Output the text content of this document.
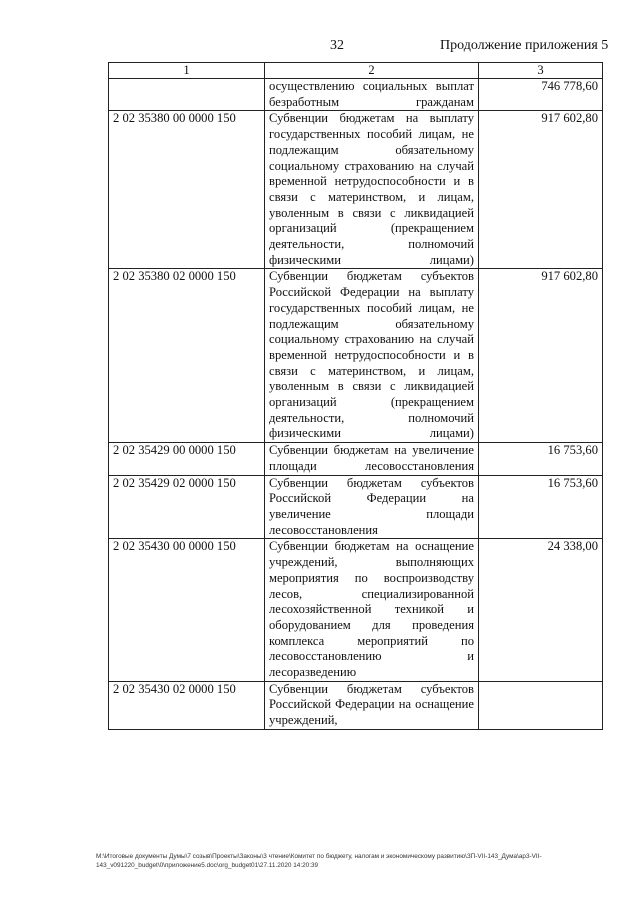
32	Продолжение приложения 5
1	2	3
	осуществлению социальных выплат безработным гражданам	746 778,60
2 02 35380 00 0000 150	Субвенции бюджетам на выплату государственных пособий лицам, не подлежащим обязательному социальному страхованию на случай временной нетрудоспособности и в связи с материнством, и лицам, уволенным в связи с ликвидацией организаций (прекращением деятельности, полномочий физическими лицами)	917 602,80
2 02 35380 02 0000 150	Субвенции бюджетам субъектов Российской Федерации на выплату государственных пособий лицам, не подлежащим обязательному социальному страхованию на случай временной нетрудоспособности и в связи с материнством, и лицам, уволенным в связи с ликвидацией организаций (прекращением деятельности, полномочий физическими лицами)	917 602,80
2 02 35429 00 0000 150	Субвенции бюджетам на увеличение площади лесовосстановления	16 753,60
2 02 35429 02 0000 150	Субвенции бюджетам субъектов Российской Федерации на увеличение площади лесовосстановления	16 753,60
2 02 35430 00 0000 150	Субвенции бюджетам на оснащение учреждений, выполняющих мероприятия по воспроизводству лесов, специализированной лесохозяйственной техникой и оборудованием для проведения комплекса мероприятий по лесовосстановлению и лесоразведению	24 338,00
2 02 35430 02 0000 150	Субвенции бюджетам субъектов Российской Федерации на оснащение учреждений,	
M:\Итоговые документы Думы\7 созыв\Проекты\Законы\3 чтение\Комитет по бюджету, налогам и экономическому развитию\ЗП-VII-143_Дума\ар3-VII-143_v091220_budget\0\приложение5.doc\org_budget01\27.11.2020 14:20:39
